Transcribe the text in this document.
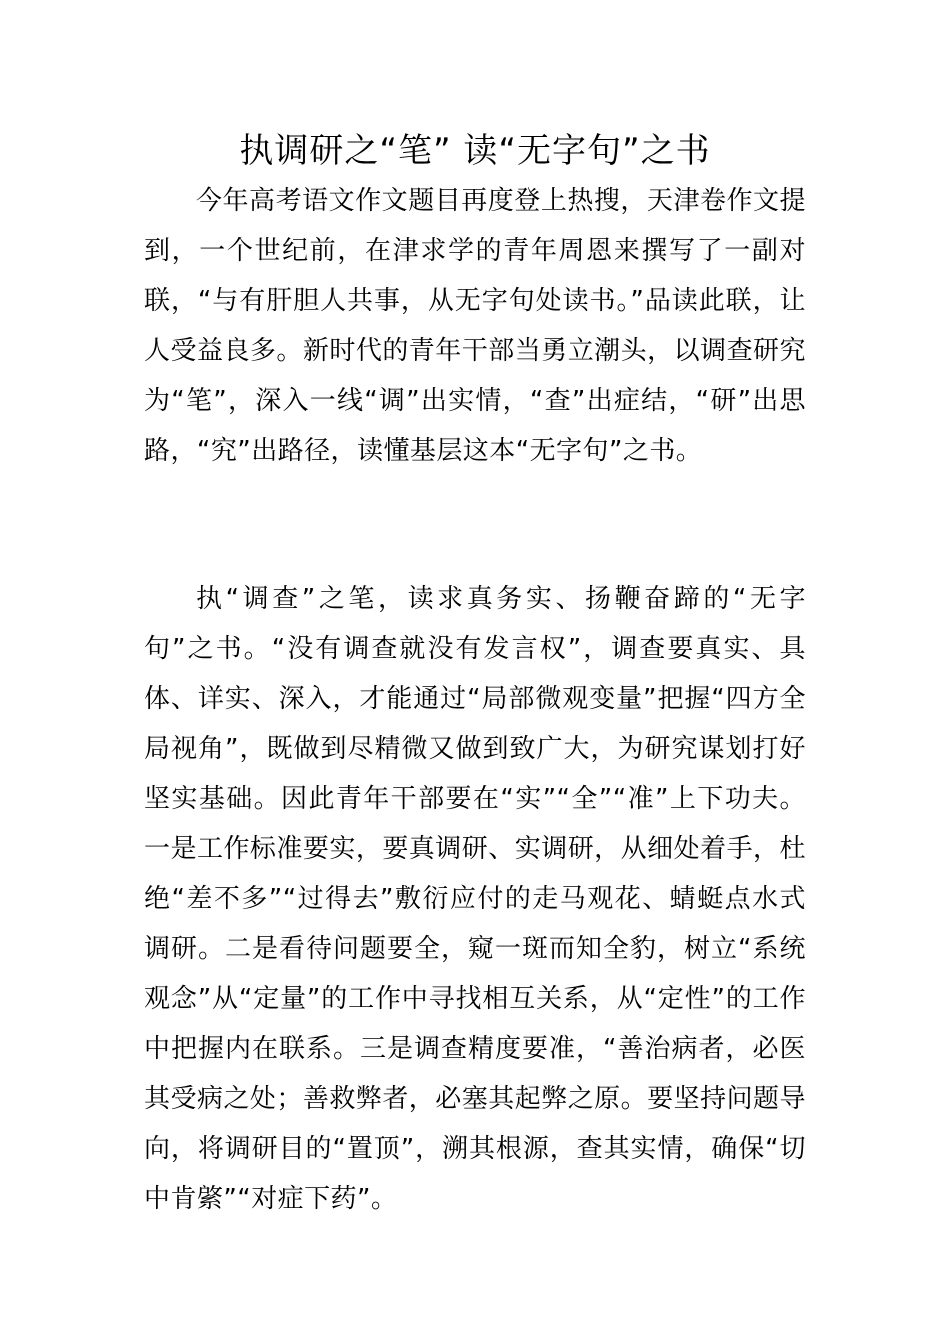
执调研之“笔” 读“无字句”之书

今年高考语文作文题目再度登上热搜，天津卷作文提到，一个世纪前，在津求学的青年周恩来撰写了一副对联，“与有肝胆人共事，从无字句处读书。”品读此联，让人受益良多。新时代的青年干部当勇立潮头，以调查研究为“笔”，深入一线“调”出实情，“查”出症结，“研”出思路，“究”出路径，读懂基层这本“无字句”之书。

执“调查”之笔，读求真务实、扬鞭奋蹄的“无字句”之书。“没有调查就没有发言权”，调查要真实、具体、详实、深入，才能通过“局部微观变量”把握“四方全局视角”，既做到尽精微又做到致广大，为研究谋划打好坚实基础。因此青年干部要在“实”“全”“准”上下功夫。一是工作标准要实，要真调研、实调研，从细处着手，杜绝“差不多”“过得去”敷衍应付的走马观花、蜻蜓点水式调研。二是看待问题要全，窥一斑而知全豹，树立“系统观念”从“定量”的工作中寻找相互关系，从“定性”的工作中把握内在联系。三是调查精度要准，“善治病者，必医其受病之处；善救弊者，必塞其起弊之原。要坚持问题导向，将调研目的“置顶”，溯其根源，查其实情，确保“切中肯綮”“对症下药”。
